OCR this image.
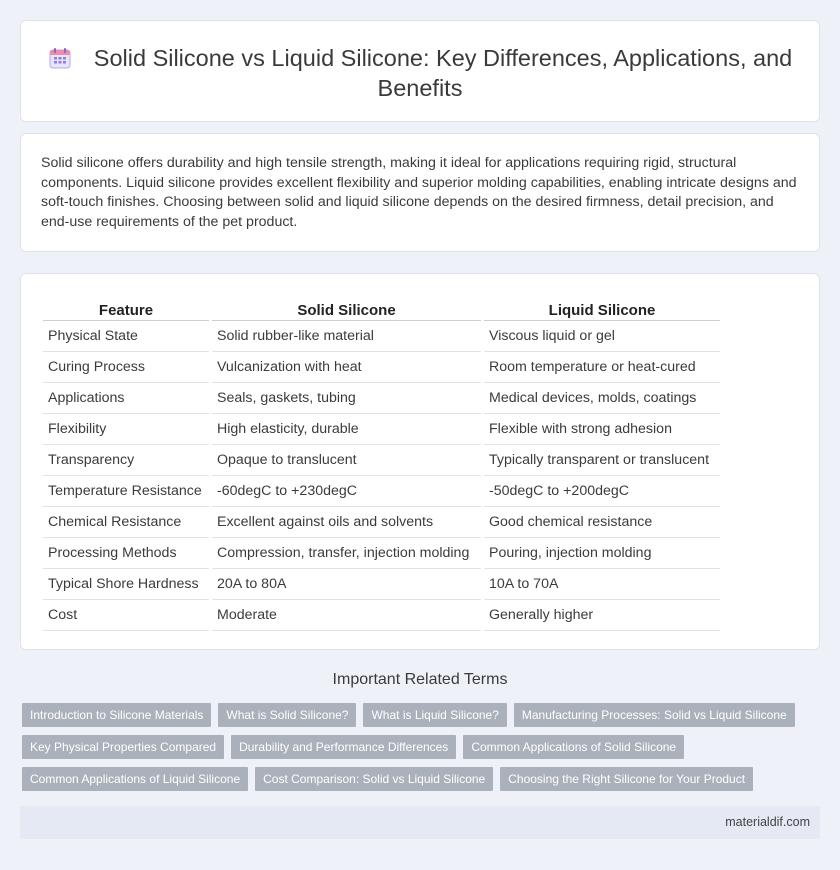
Solid Silicone vs Liquid Silicone: Key Differences, Applications, and Benefits

Solid silicone offers durability and high tensile strength, making it ideal for applications requiring rigid, structural components. Liquid silicone provides excellent flexibility and superior molding capabilities, enabling intricate designs and soft-touch finishes. Choosing between solid and liquid silicone depends on the desired firmness, detail precision, and end-use requirements of the pet product.

Feature		Solid Silicone		Liquid Silicone
Physical State		Solid rubber-like material		Viscous liquid or gel
Curing Process		Vulcanization with heat		Room temperature or heat-cured
Applications		Seals, gaskets, tubing		Medical devices, molds, coatings
Flexibility		High elasticity, durable		Flexible with strong adhesion
Transparency		Opaque to translucent		Typically transparent or translucent
Temperature Resistance		-60degC to +230degC		-50degC to +200degC
Chemical Resistance		Excellent against oils and solvents		Good chemical resistance
Processing Methods		Compression, transfer, injection molding		Pouring, injection molding
Typical Shore Hardness		20A to 80A		10A to 70A
Cost		Moderate		Generally higher
Important Related Terms
Introduction to Silicone Materials	What is Solid Silicone?	What is Liquid Silicone?	Manufacturing Processes: Solid vs Liquid Silicone
Key Physical Properties Compared	Durability and Performance Differences	Common Applications of Solid Silicone
Common Applications of Liquid Silicone	Cost Comparison: Solid vs Liquid Silicone	Choosing the Right Silicone for Your Product
materialdif.com
